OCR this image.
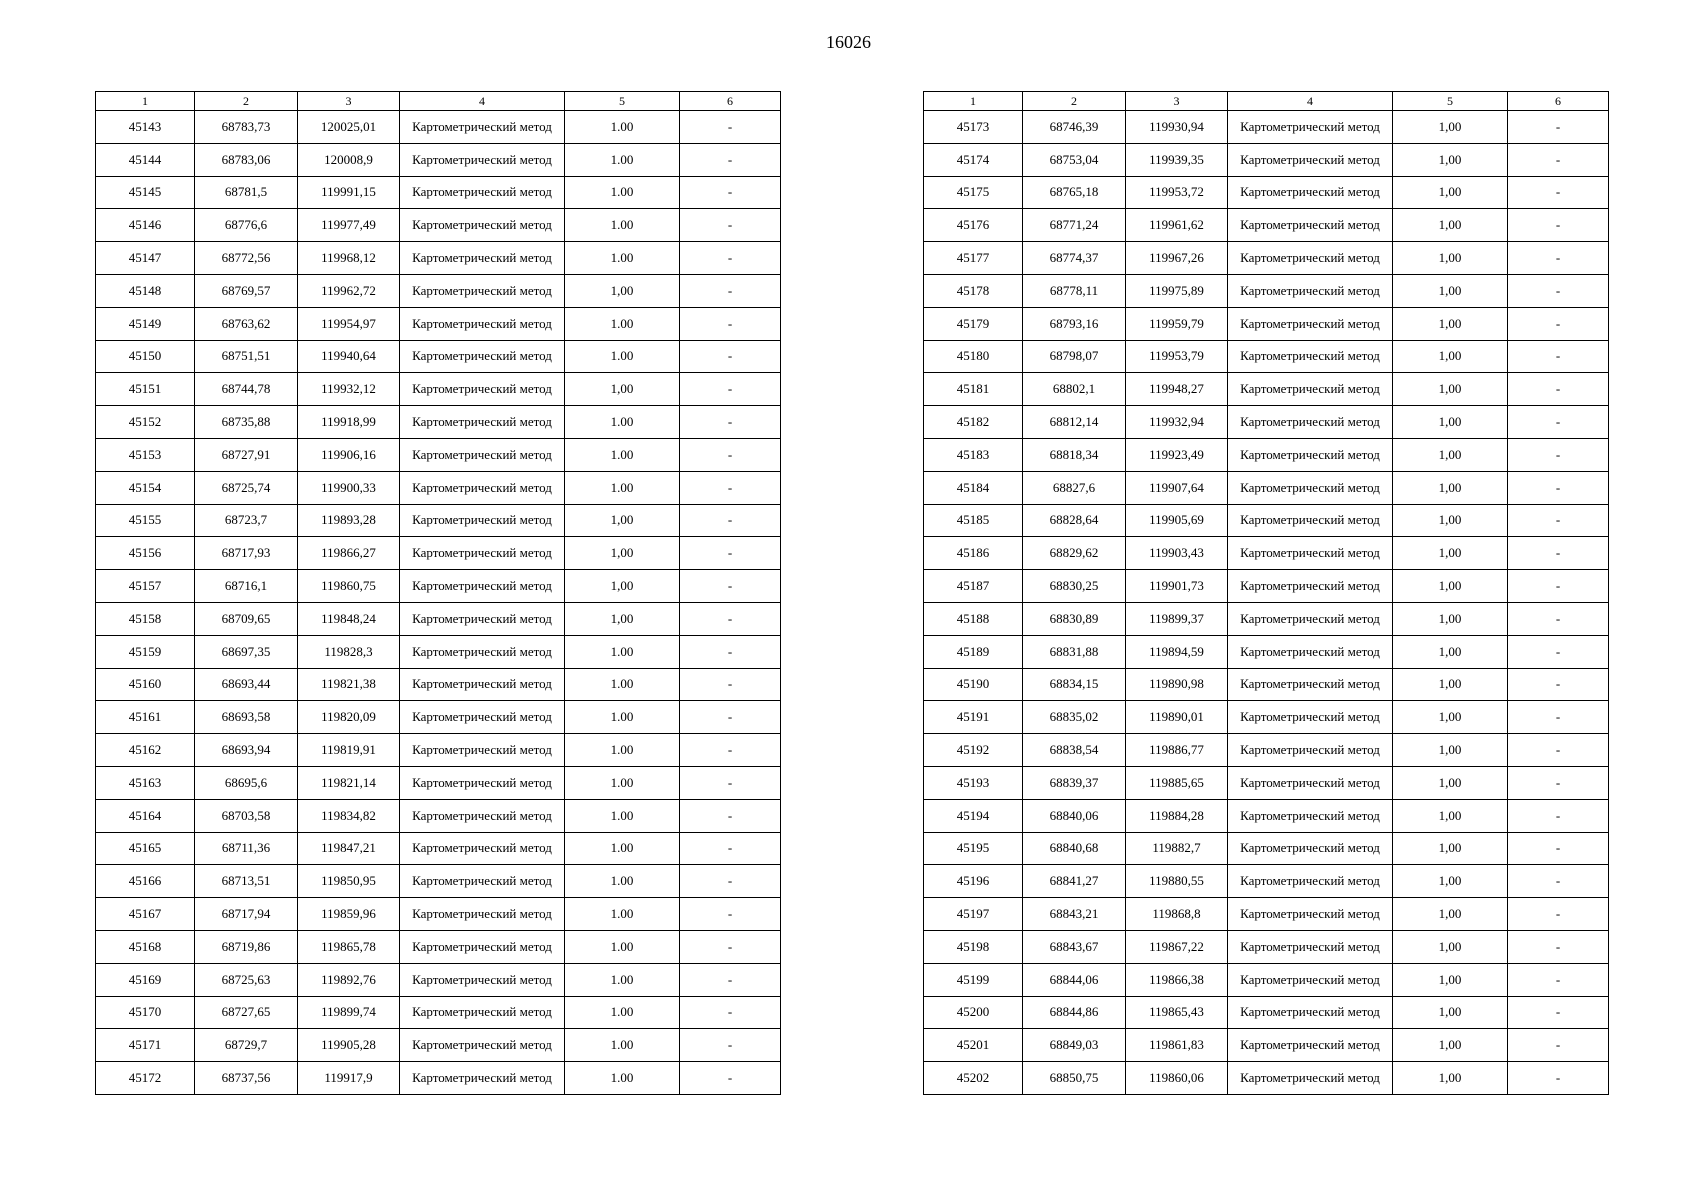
16026
1	2	3	4	5	6
45143	68783,73	120025,01	Картометрический метод	1.00	-
45144	68783,06	120008,9	Картометрический метод	1.00	-
45145	68781,5	119991,15	Картометрический метод	1.00	-
45146	68776,6	119977,49	Картометрический метод	1.00	-
45147	68772,56	119968,12	Картометрический метод	1.00	-
45148	68769,57	119962,72	Картометрический метод	1,00	-
45149	68763,62	119954,97	Картометрический метод	1.00	-
45150	68751,51	119940,64	Картометрический метод	1.00	-
45151	68744,78	119932,12	Картометрический метод	1,00	-
45152	68735,88	119918,99	Картометрический метод	1.00	-
45153	68727,91	119906,16	Картометрический метод	1.00	-
45154	68725,74	119900,33	Картометрический метод	1.00	-
45155	68723,7	119893,28	Картометрический метод	1,00	-
45156	68717,93	119866,27	Картометрический метод	1,00	-
45157	68716,1	119860,75	Картометрический метод	1,00	-
45158	68709,65	119848,24	Картометрический метод	1,00	-
45159	68697,35	119828,3	Картометрический метод	1.00	-
45160	68693,44	119821,38	Картометрический метод	1.00	-
45161	68693,58	119820,09	Картометрический метод	1.00	-
45162	68693,94	119819,91	Картометрический метод	1.00	-
45163	68695,6	119821,14	Картометрический метод	1.00	-
45164	68703,58	119834,82	Картометрический метод	1.00	-
45165	68711,36	119847,21	Картометрический метод	1.00	-
45166	68713,51	119850,95	Картометрический метод	1.00	-
45167	68717,94	119859,96	Картометрический метод	1.00	-
45168	68719,86	119865,78	Картометрический метод	1.00	-
45169	68725,63	119892,76	Картометрический метод	1.00	-
45170	68727,65	119899,74	Картометрический метод	1.00	-
45171	68729,7	119905,28	Картометрический метод	1.00	-
45172	68737,56	119917,9	Картометрический метод	1.00	-
1	2	3	4	5	6
45173	68746,39	119930,94	Картометрический метод	1,00	-
45174	68753,04	119939,35	Картометрический метод	1,00	-
45175	68765,18	119953,72	Картометрический метод	1,00	-
45176	68771,24	119961,62	Картометрический метод	1,00	-
45177	68774,37	119967,26	Картометрический метод	1,00	-
45178	68778,11	119975,89	Картометрический метод	1,00	-
45179	68793,16	119959,79	Картометрический метод	1,00	-
45180	68798,07	119953,79	Картометрический метод	1,00	-
45181	68802,1	119948,27	Картометрический метод	1,00	-
45182	68812,14	119932,94	Картометрический метод	1,00	-
45183	68818,34	119923,49	Картометрический метод	1,00	-
45184	68827,6	119907,64	Картометрический метод	1,00	-
45185	68828,64	119905,69	Картометрический метод	1,00	-
45186	68829,62	119903,43	Картометрический метод	1,00	-
45187	68830,25	119901,73	Картометрический метод	1,00	-
45188	68830,89	119899,37	Картометрический метод	1,00	-
45189	68831,88	119894,59	Картометрический метод	1,00	-
45190	68834,15	119890,98	Картометрический метод	1,00	-
45191	68835,02	119890,01	Картометрический метод	1,00	-
45192	68838,54	119886,77	Картометрический метод	1,00	-
45193	68839,37	119885,65	Картометрический метод	1,00	-
45194	68840,06	119884,28	Картометрический метод	1,00	-
45195	68840,68	119882,7	Картометрический метод	1,00	-
45196	68841,27	119880,55	Картометрический метод	1,00	-
45197	68843,21	119868,8	Картометрический метод	1,00	-
45198	68843,67	119867,22	Картометрический метод	1,00	-
45199	68844,06	119866,38	Картометрический метод	1,00	-
45200	68844,86	119865,43	Картометрический метод	1,00	-
45201	68849,03	119861,83	Картометрический метод	1,00	-
45202	68850,75	119860,06	Картометрический метод	1,00	-
